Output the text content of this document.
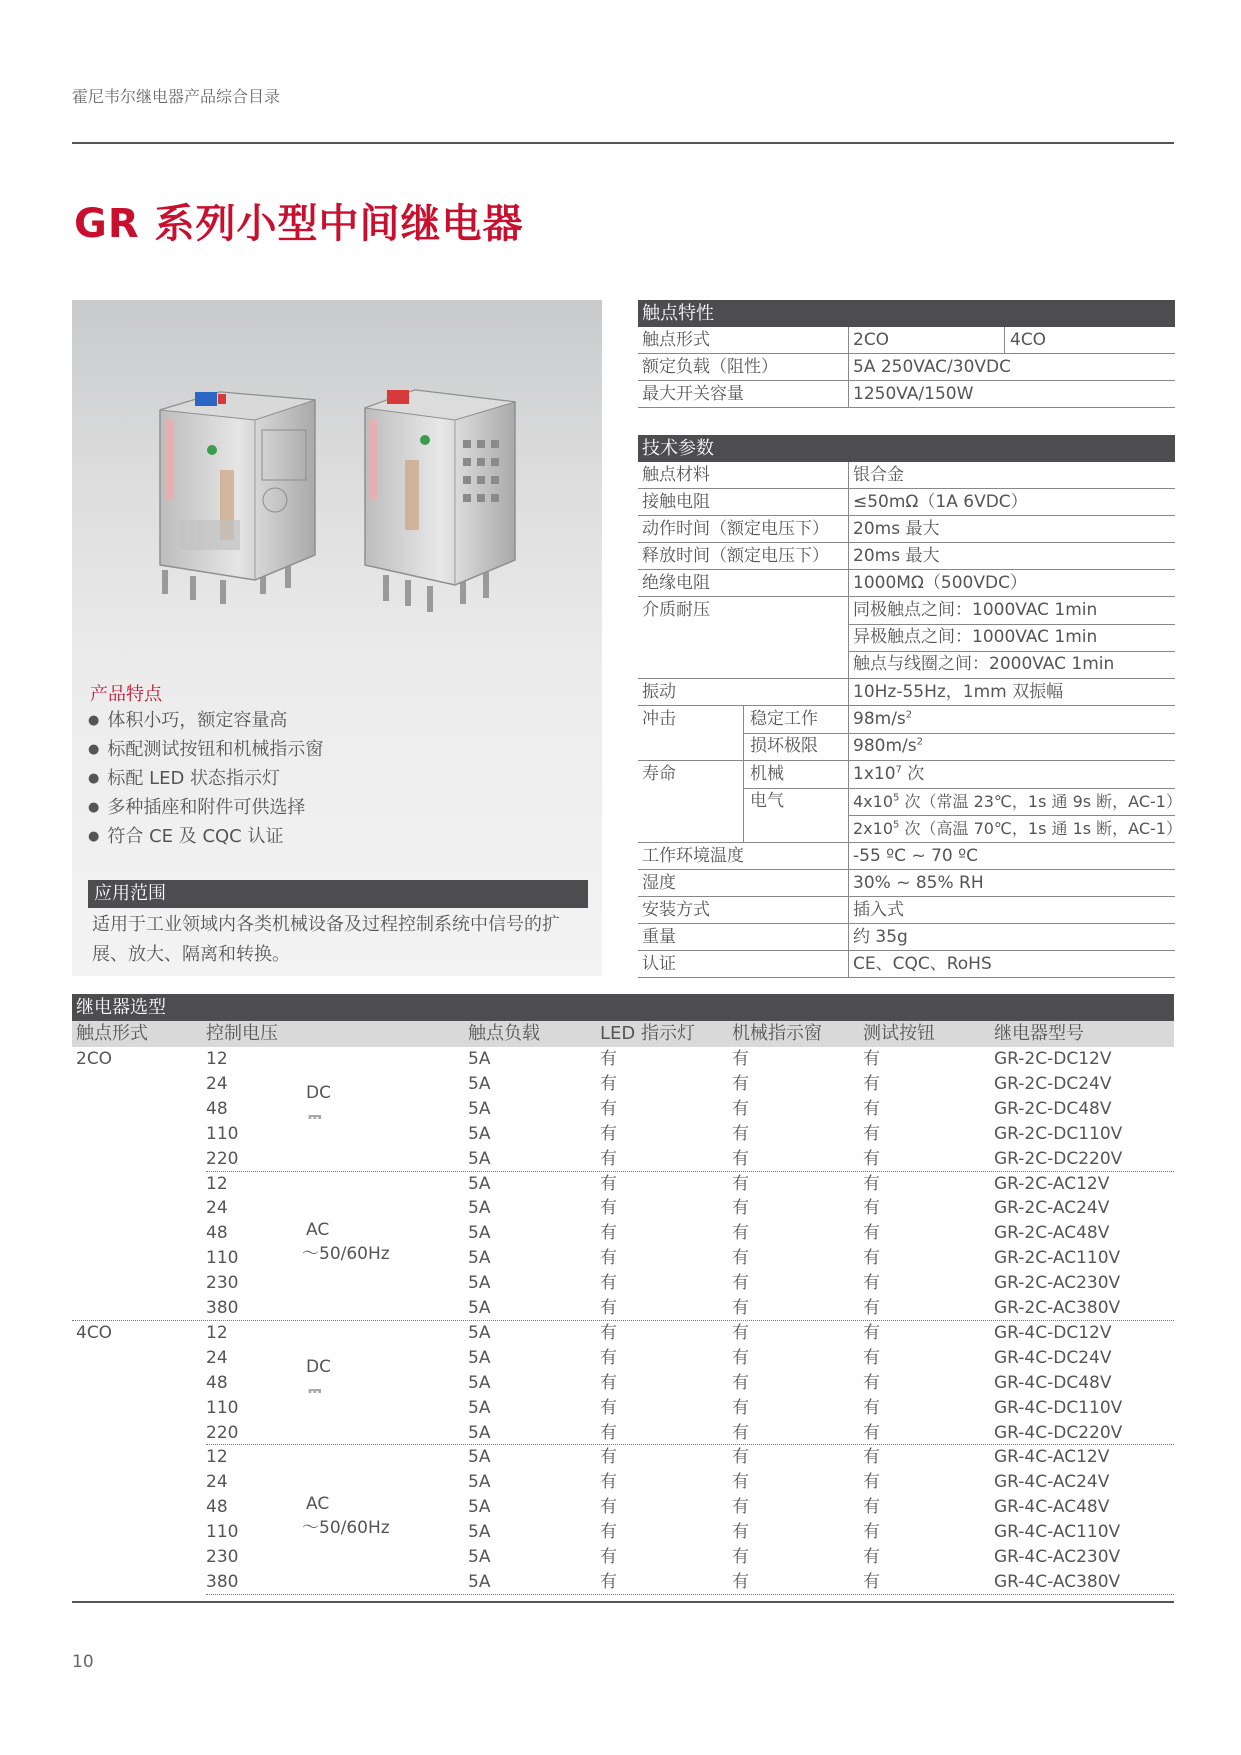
霍尼韦尔继电器产品综合目录
GR 系列小型中间继电器
产品特点
● 体积小巧，额定容量高
● 标配测试按钮和机械指示窗
● 标配 LED 状态指示灯
● 多种插座和附件可供选择
● 符合 CE 及 CQC 认证
应用范围
适用于工业领域内各类机械设备及过程控制系统中信号的扩
展、放大、隔离和转换。
触点特性
触点形式	2CO	4CO
额定负载（阻性）	5A 250VAC/30VDC
最大开关容量	1250VA/150W
技术参数
触点材料	银合金
接触电阻	≤50mΩ（1A 6VDC）
动作时间（额定电压下） 20ms 最大
释放时间（额定电压下） 20ms 最大
绝缘电阻	1000MΩ（500VDC）
介质耐压	同极触点之间：1000VAC 1min
异极触点之间：1000VAC 1min
触点与线圈之间：2000VAC 1min
振动	10Hz-55Hz，1mm 双振幅
冲击	稳定工作 $98m/s^2$
损坏极限 $980m/s^2$
寿命	机械	$1x10^7$ 次
电气	$4x10^5$ 次（常温 23℃，1s 通 9s 断，AC-1）
$2x10^5$ 次（高温 70℃，1s 通 1s 断，AC-1）
工作环境温度	-55 ºC ~ 70 ºC
湿度	30% ~ 85% RH
安装方式	插入式
重量	约 35g
认证	CE、CQC、RoHS
继电器选型
触点形式	控制电压	触点负载	LED 指示灯 机械指示窗 测试按钮	继电器型号
2CO
DC
⎓
12	5A	有	有	有	GR-2C-DC12V
24	5A	有	有	有	GR-2C-DC24V
48	5A	有	有	有	GR-2C-DC48V
110	5A	有	有	有	GR-2C-DC110V
220	5A	有	有	有	GR-2C-DC220V
AC
～50/60Hz
12	5A	有	有	有	GR-2C-AC12V
24	5A	有	有	有	GR-2C-AC24V
48	5A	有	有	有	GR-2C-AC48V
110	5A	有	有	有	GR-2C-AC110V
230	5A	有	有	有	GR-2C-AC230V
380	5A	有	有	有	GR-2C-AC380V
4CO
DC
⎓
12	5A	有	有	有	GR-4C-DC12V
24	5A	有	有	有	GR-4C-DC24V
48	5A	有	有	有	GR-4C-DC48V
110	5A	有	有	有	GR-4C-DC110V
220	5A	有	有	有	GR-4C-DC220V
AC
～50/60Hz
12	5A	有	有	有	GR-4C-AC12V
24	5A	有	有	有	GR-4C-AC24V
48	5A	有	有	有	GR-4C-AC48V
110	5A	有	有	有	GR-4C-AC110V
230	5A	有	有	有	GR-4C-AC230V
380	5A	有	有	有	GR-4C-AC380V
10
